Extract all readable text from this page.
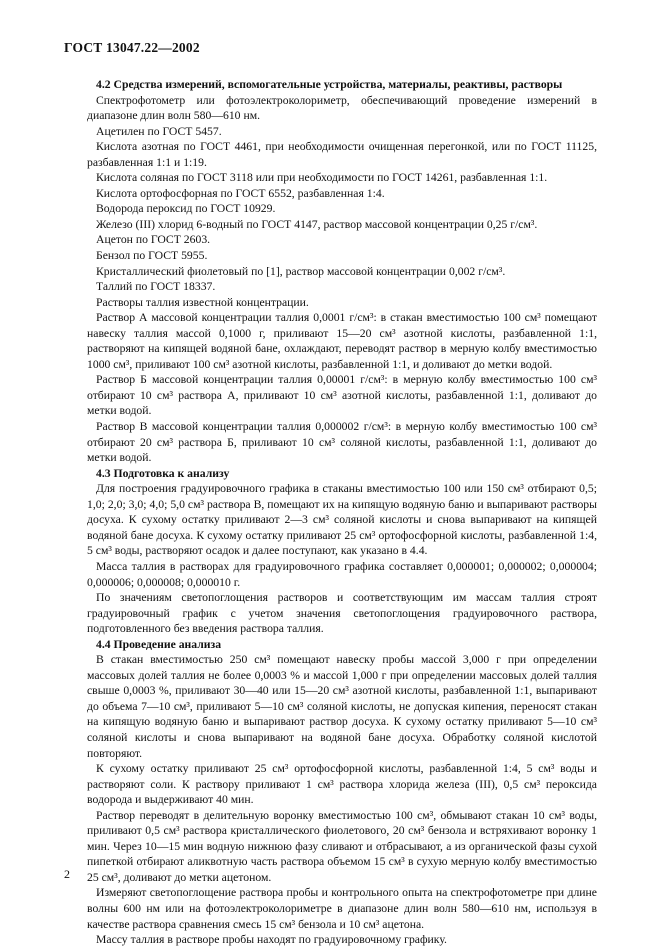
ГОСТ 13047.22—2002

4.2 Средства измерений, вспомогательные устройства, материалы, реактивы, растворы

Спектрофотометр или фотоэлектроколориметр, обеспечивающий проведение измерений в диапазоне длин волн 580—610 нм.

Ацетилен по ГОСТ 5457.

Кислота азотная по ГОСТ 4461, при необходимости очищенная перегонкой, или по ГОСТ 11125, разбавленная 1:1 и 1:19.

Кислота соляная по ГОСТ 3118 или при необходимости по ГОСТ 14261, разбавленная 1:1.

Кислота ортофосфорная по ГОСТ 6552, разбавленная 1:4.

Водорода пероксид по ГОСТ 10929.

Железо (III) хлорид 6-водный по ГОСТ 4147, раствор массовой концентрации 0,25 г/см³.

Ацетон по ГОСТ 2603.

Бензол по ГОСТ 5955.

Кристаллический фиолетовый по [1], раствор массовой концентрации 0,002 г/см³.

Таллий по ГОСТ 18337.

Растворы таллия известной концентрации.

Раствор А массовой концентрации таллия 0,0001 г/см³: в стакан вместимостью 100 см³ помещают навеску таллия массой 0,1000 г, приливают 15—20 см³ азотной кислоты, разбавленной 1:1, растворяют на кипящей водяной бане, охлаждают, переводят раствор в мерную колбу вместимостью 1000 см³, приливают 100 см³ азотной кислоты, разбавленной 1:1, и доливают до метки водой.

Раствор Б массовой концентрации таллия 0,00001 г/см³: в мерную колбу вместимостью 100 см³ отбирают 10 см³ раствора А, приливают 10 см³ азотной кислоты, разбавленной 1:1, доливают до метки водой.

Раствор В массовой концентрации таллия 0,000002 г/см³: в мерную колбу вместимостью 100 см³ отбирают 20 см³ раствора Б, приливают 10 см³ соляной кислоты, разбавленной 1:1, доливают до метки водой.

4.3 Подготовка к анализу

Для построения градуировочного графика в стаканы вместимостью 100 или 150 см³ отбирают 0,5; 1,0; 2,0; 3,0; 4,0; 5,0 см³ раствора В, помещают их на кипящую водяную баню и выпаривают растворы досуха. К сухому остатку приливают 2—3 см³ соляной кислоты и снова выпаривают на кипящей водяной бане досуха. К сухому остатку приливают 25 см³ ортофосфорной кислоты, разбавленной 1:4, 5 см³ воды, растворяют осадок и далее поступают, как указано в 4.4.

Масса таллия в растворах для градуировочного графика составляет 0,000001; 0,000002; 0,000004; 0,000006; 0,000008; 0,000010 г.

По значениям светопоглощения растворов и соответствующим им массам таллия строят градуировочный график с учетом значения светопоглощения градуировочного раствора, подготовленного без введения раствора таллия.

4.4 Проведение анализа

В стакан вместимостью 250 см³ помещают навеску пробы массой 3,000 г при определении массовых долей таллия не более 0,0003 % и массой 1,000 г при определении массовых долей таллия свыше 0,0003 %, приливают 30—40 или 15—20 см³ азотной кислоты, разбавленной 1:1, выпаривают до объема 7—10 см³, приливают 5—10 см³ соляной кислоты, не допуская кипения, переносят стакан на кипящую водяную баню и выпаривают раствор досуха. К сухому остатку приливают 5—10 см³ соляной кислоты и снова выпаривают на водяной бане досуха. Обработку соляной кислотой повторяют.

К сухому остатку приливают 25 см³ ортофосфорной кислоты, разбавленной 1:4, 5 см³ воды и растворяют соли. К раствору приливают 1 см³ раствора хлорида железа (III), 0,5 см³ пероксида водорода и выдерживают 40 мин.

Раствор переводят в делительную воронку вместимостью 100 см³, обмывают стакан 10 см³ воды, приливают 0,5 см³ раствора кристаллического фиолетового, 20 см³ бензола и встряхивают воронку 1 мин. Через 10—15 мин водную нижнюю фазу сливают и отбрасывают, а из органической фазы сухой пипеткой отбирают аликвотную часть раствора объемом 15 см³ в сухую мерную колбу вместимостью 25 см³, доливают до метки ацетоном.

Измеряют светопоглощение раствора пробы и контрольного опыта на спектрофотометре при длине волны 600 нм или на фотоэлектроколориметре в диапазоне длин волн 580—610 нм, используя в качестве раствора сравнения смесь 15 см³ бензола и 10 см³ ацетона.

Массу таллия в растворе пробы находят по градуировочному графику.

2
